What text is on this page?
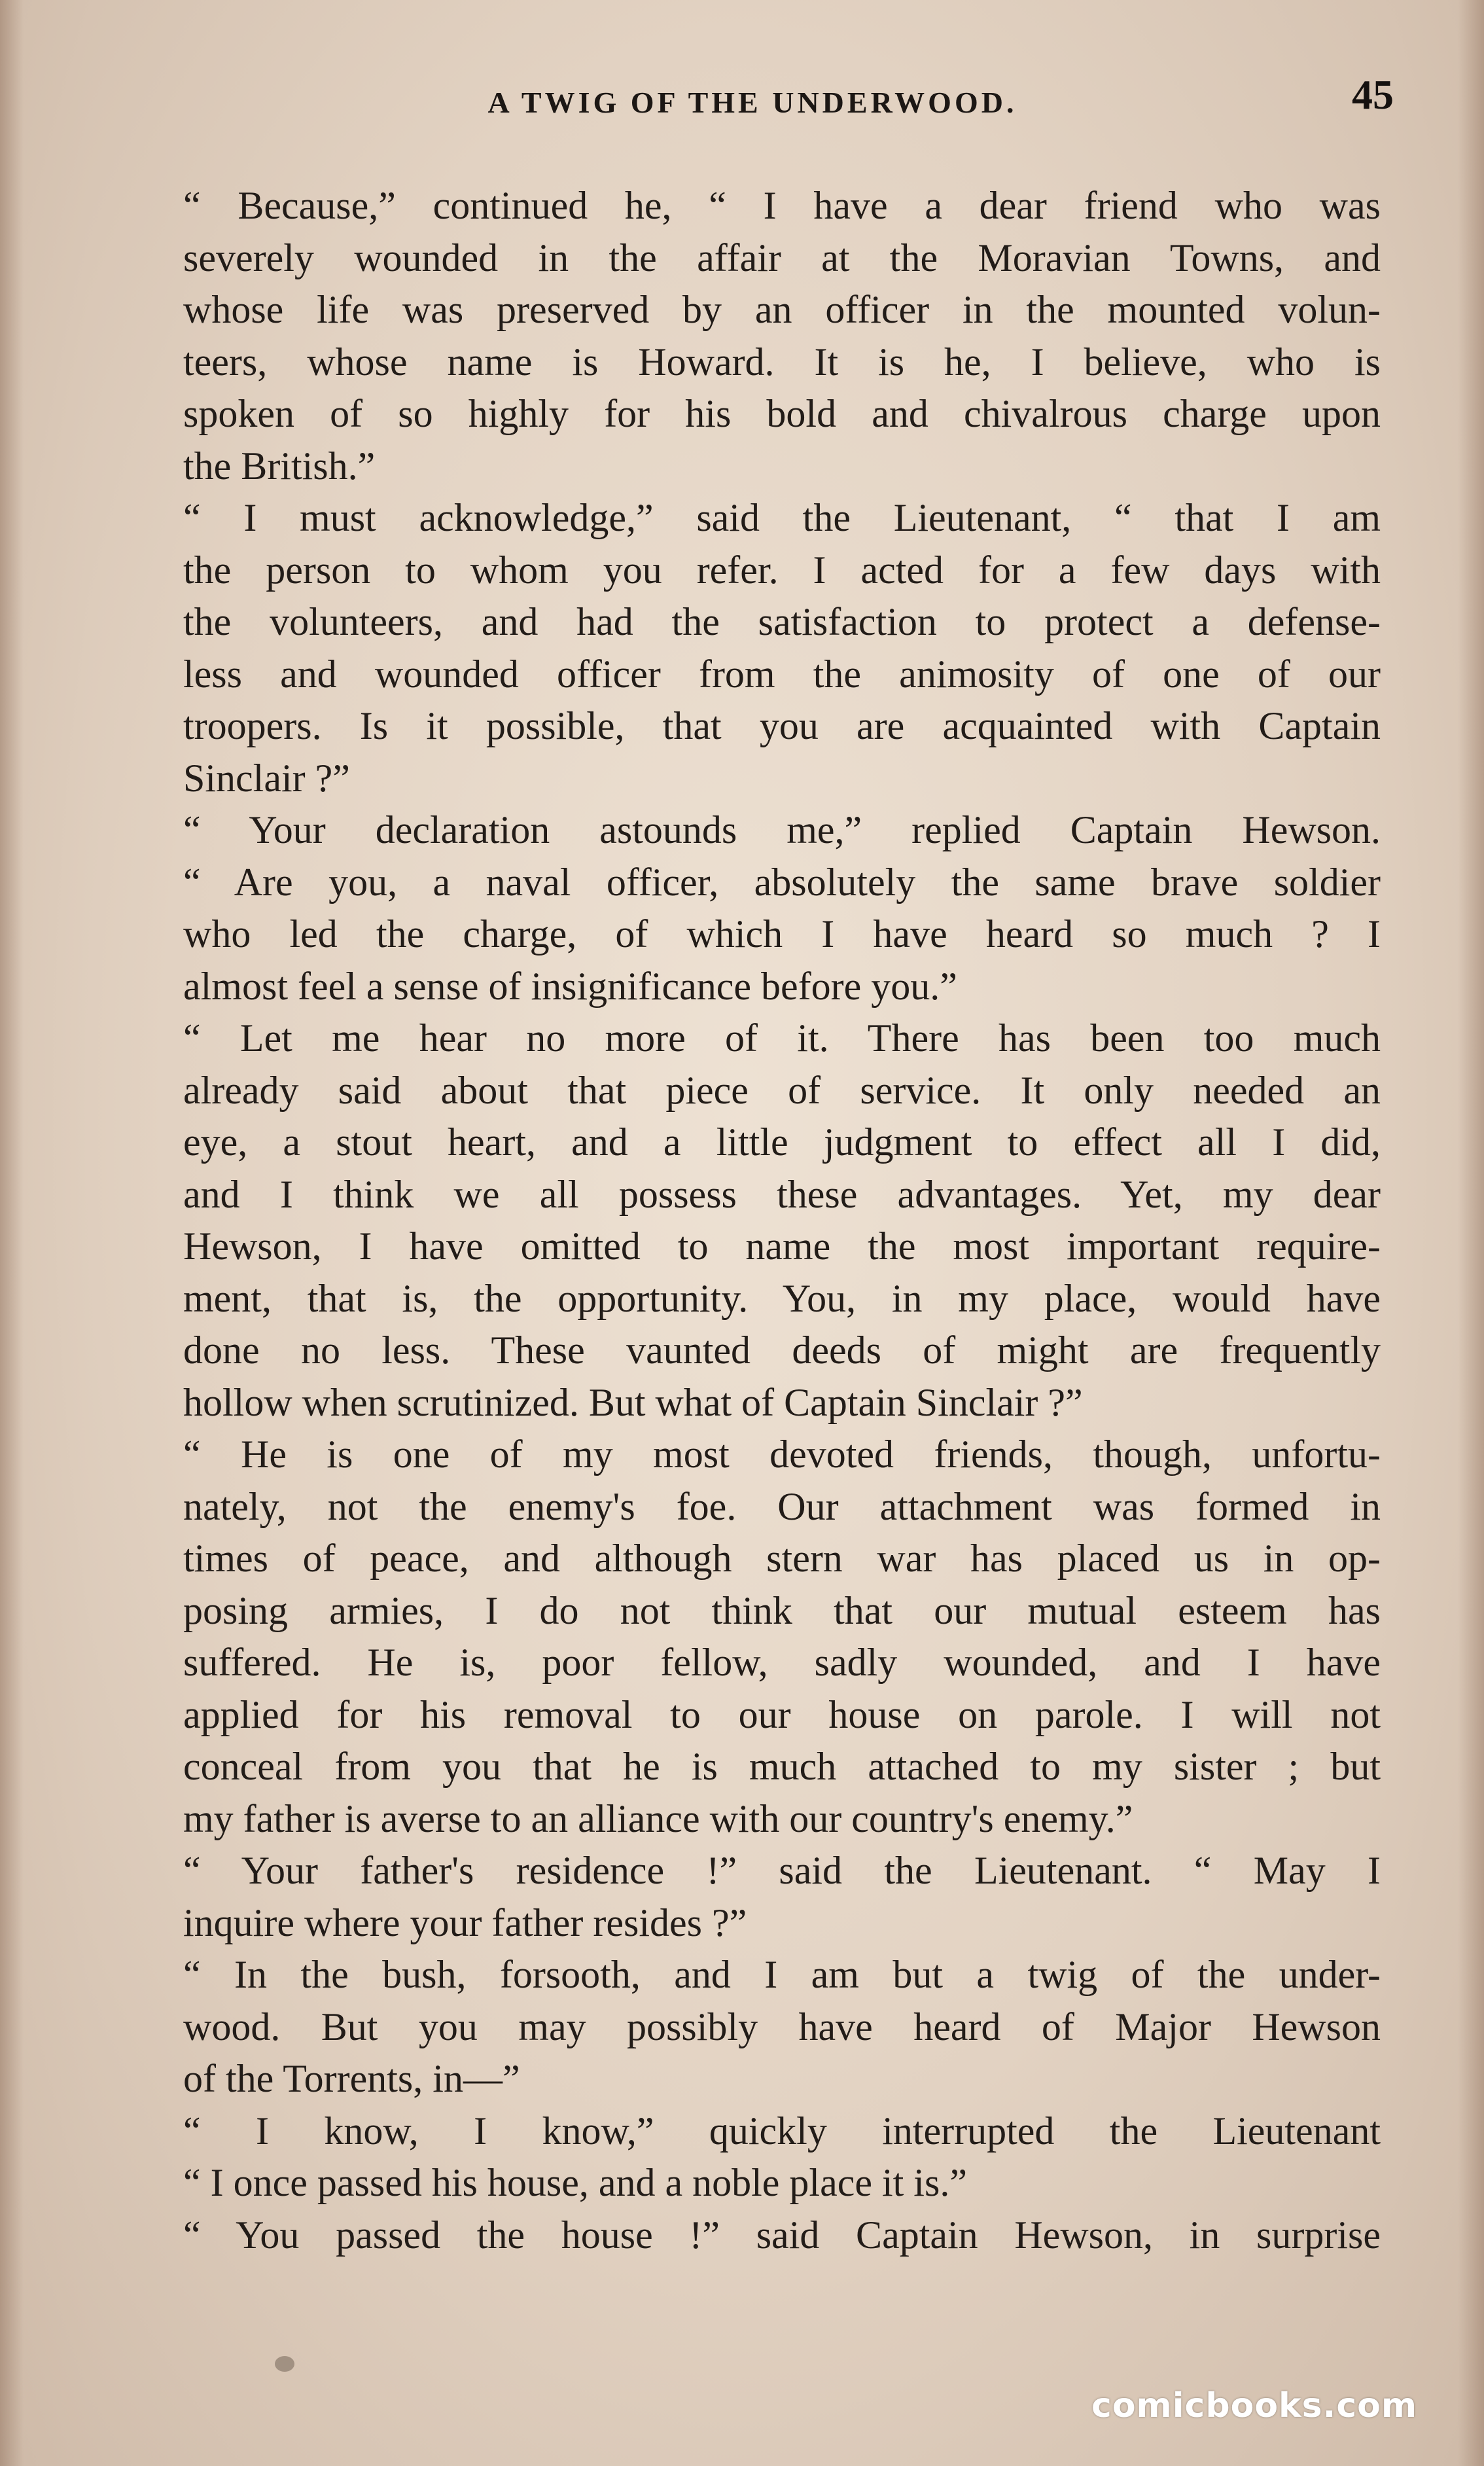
A TWIG OF THE UNDERWOOD.	45
“ Because,” continued he, “ I have a dear friend who was
severely wounded in the affair at the Moravian Towns, and
whose life was preserved by an officer in the mounted volun-
teers, whose name is Howard. It is he, I believe, who is
spoken of so highly for his bold and chivalrous charge upon
the British.”
“ I must acknowledge,” said the Lieutenant, “ that I am
the person to whom you refer. I acted for a few days with
the volunteers, and had the satisfaction to protect a defense-
less and wounded officer from the animosity of one of our
troopers. Is it possible, that you are acquainted with Captain
Sinclair ?”
“ Your declaration astounds me,” replied Captain Hewson.
“ Are you, a naval officer, absolutely the same brave soldier
who led the charge, of which I have heard so much ? I
almost feel a sense of insignificance before you.”
“ Let me hear no more of it. There has been too much
already said about that piece of service. It only needed an
eye, a stout heart, and a little judgment to effect all I did,
and I think we all possess these advantages. Yet, my dear
Hewson, I have omitted to name the most important require-
ment, that is, the opportunity. You, in my place, would have
done no less. These vaunted deeds of might are frequently
hollow when scrutinized. But what of Captain Sinclair ?”
“ He is one of my most devoted friends, though, unfortu-
nately, not the enemy's foe. Our attachment was formed in
times of peace, and although stern war has placed us in op-
posing armies, I do not think that our mutual esteem has
suffered. He is, poor fellow, sadly wounded, and I have
applied for his removal to our house on parole. I will not
conceal from you that he is much attached to my sister ; but
my father is averse to an alliance with our country's enemy.”
“ Your father's residence !” said the Lieutenant. “ May I
inquire where your father resides ?”
“ In the bush, forsooth, and I am but a twig of the under-
wood. But you may possibly have heard of Major Hewson
of the Torrents, in—”
“ I know, I know,” quickly interrupted the Lieutenant
“ I once passed his house, and a noble place it is.”
“ You passed the house !” said Captain Hewson, in surprise
comicbooks.com
